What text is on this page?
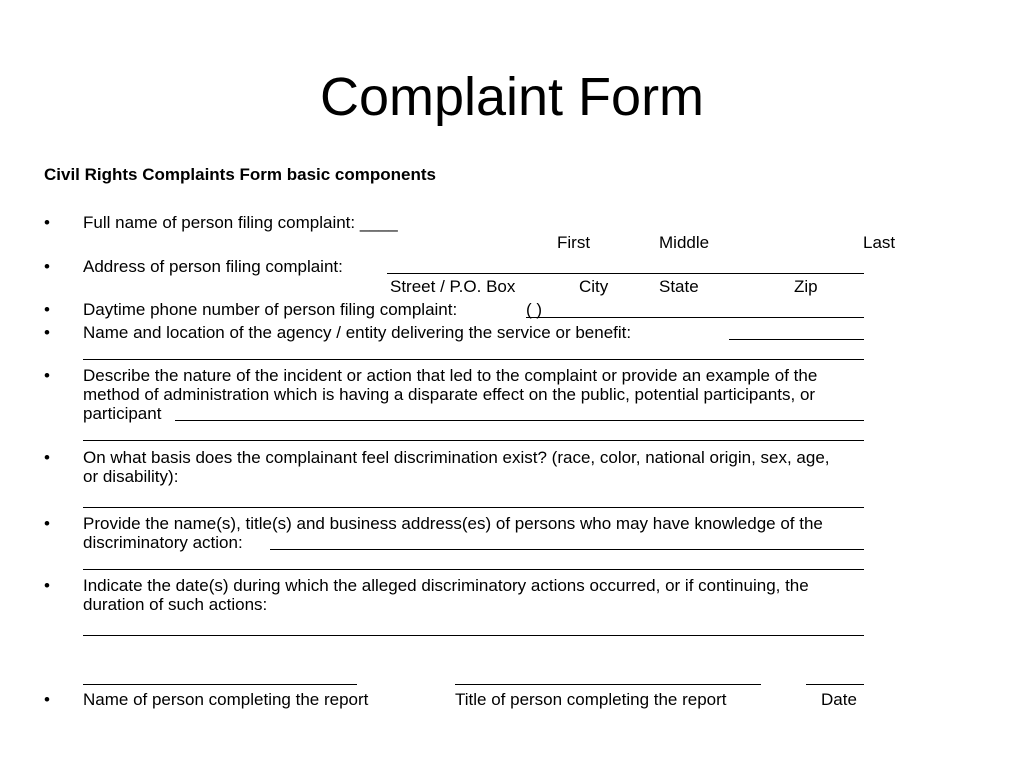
Complaint Form
Civil Rights Complaints Form basic components
• Full name of person filing complaint: ____
First	Middle	Last
• Address of person filing complaint:
Street / P.O. Box	City	State	Zip
• Daytime phone number of person filing complaint:	( )
• Name and location of the agency / entity delivering the service or benefit:
• Describe the nature of the incident or action that led to the complaint or provide an example of the
method of administration which is having a disparate effect on the public, potential participants, or
participant
• On what basis does the complainant feel discrimination exist? (race, color, national origin, sex, age,
or disability):
• Provide the name(s), title(s) and business address(es) of persons who may have knowledge of the
discriminatory action:
• Indicate the date(s) during which the alleged discriminatory actions occurred, or if continuing, the
duration of such actions:
• Name of person completing the report	Title of person completing the report	Date
